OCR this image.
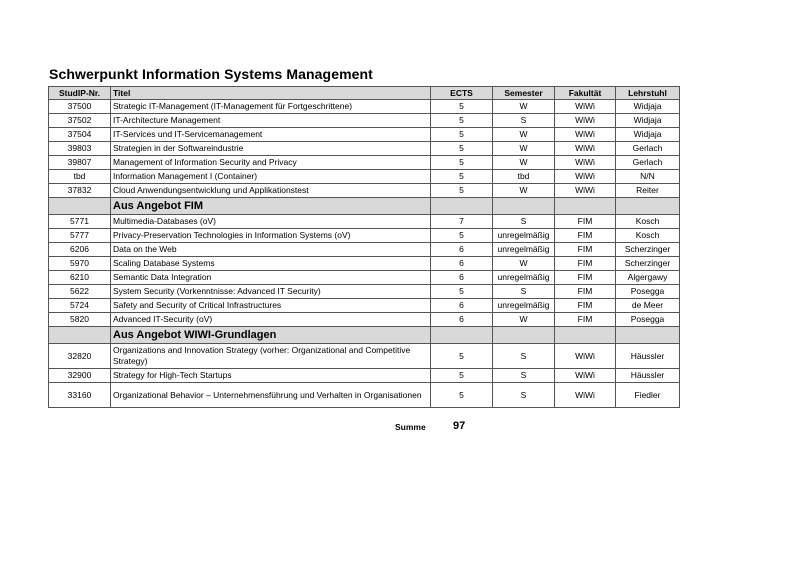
Schwerpunkt Information Systems Management
StudIP-Nr.	Titel	ECTS	Semester	Fakultät	Lehrstuhl
37500	Strategic IT-Management (IT-Management für Fortgeschrittene)	5	W	WiWi	Widjaja
37502	IT-Architecture Management	5	S	WiWi	Widjaja
37504	IT-Services und IT-Servicemanagement	5	W	WiWi	Widjaja
39803	Strategien in der Softwareindustrie	5	W	WiWi	Gerlach
39807	Management of Information Security and Privacy	5	W	WiWi	Gerlach
tbd	Information Management I (Container)	5	tbd	WiWi	N/N
37832	Cloud Anwendungsentwicklung und Applikationstest	5	W	WiWi	Reiter
	Aus Angebot FIM				
5771	Multimedia-Databases (oV)	7	S	FIM	Kosch
5777	Privacy-Preservation Technologies in Information Systems (oV)	5	unregelmäßig	FIM	Kosch
6206	Data on the Web	6	unregelmäßig	FIM	Scherzinger
5970	Scaling Database Systems	6	W	FIM	Scherzinger
6210	Semantic Data Integration	6	unregelmäßig	FIM	Algergawy
5622	System Security (Vorkenntnisse: Advanced IT Security)	5	S	FIM	Posegga
5724	Safety and Security of Critical Infrastructures	6	unregelmäßig	FIM	de Meer
5820	Advanced IT-Security (oV)	6	W	FIM	Posegga
	Aus Angebot WIWI-Grundlagen				
32820	Organizations and Innovation Strategy (vorher: Organizational and Competitive Strategy)	5	S	WiWi	Häussler
32900	Strategy for High-Tech Startups	5	S	WiWi	Häussler
33160	Organizational Behavior – Unternehmensführung und Verhalten in Organisationen	5	S	WiWi	Fiedler
Summe 97
